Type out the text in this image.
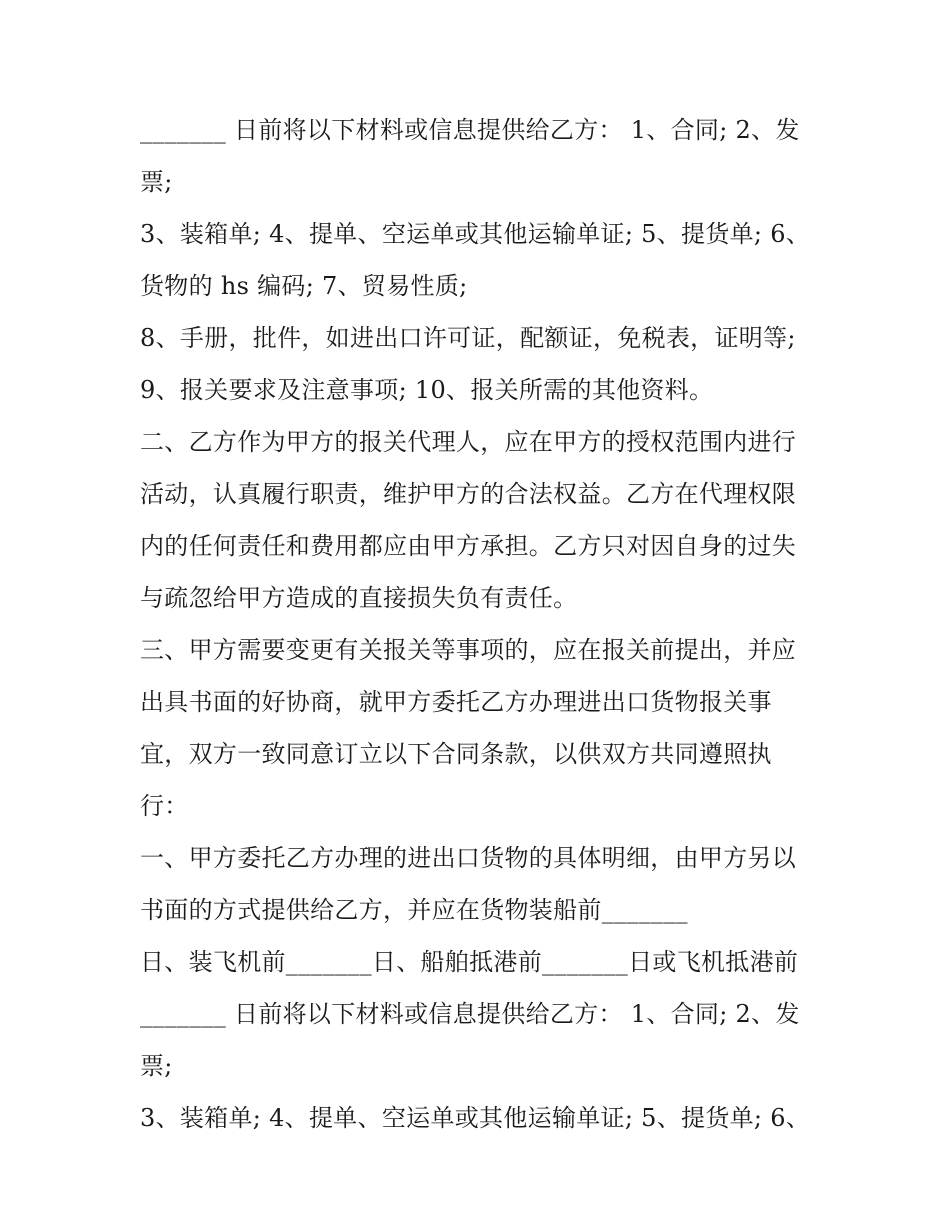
_______ 日前将以下材料或信息提供给乙方： 1、合同; 2、发
票;
3、装箱单; 4、提单、空运单或其他运输单证; 5、提货单; 6、
货物的 hs 编码; 7、贸易性质;
8、手册，批件，如进出口许可证，配额证，免税表，证明等;
9、报关要求及注意事项; 10、报关所需的其他资料。
二、乙方作为甲方的报关代理人，应在甲方的授权范围内进行
活动，认真履行职责，维护甲方的合法权益。乙方在代理权限
内的任何责任和费用都应由甲方承担。乙方只对因自身的过失
与疏忽给甲方造成的直接损失负有责任。
三、甲方需要变更有关报关等事项的，应在报关前提出，并应
出具书面的好协商，就甲方委托乙方办理进出口货物报关事
宜，双方一致同意订立以下合同条款，以供双方共同遵照执
行：
一、甲方委托乙方办理的进出口货物的具体明细，由甲方另以
书面的方式提供给乙方，并应在货物装船前_______
日、装飞机前_______日、船舶抵港前_______日或飞机抵港前
_______ 日前将以下材料或信息提供给乙方： 1、合同; 2、发
票;
3、装箱单; 4、提单、空运单或其他运输单证; 5、提货单; 6、
